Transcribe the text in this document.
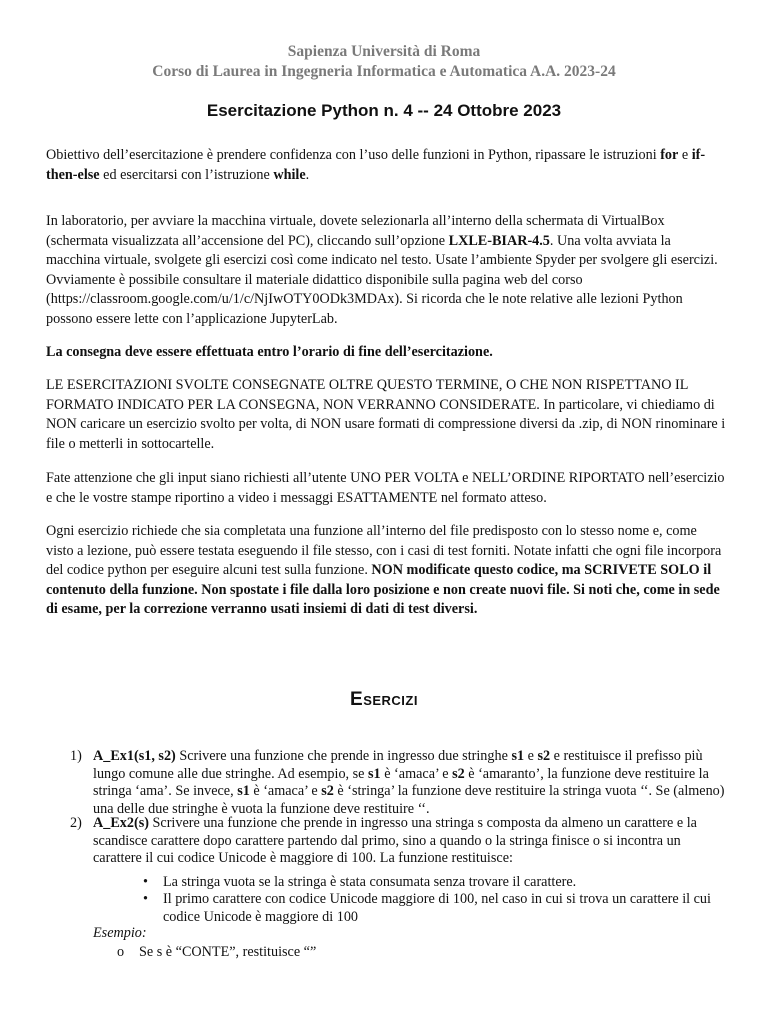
Sapienza Università di Roma
Corso di Laurea in Ingegneria Informatica e Automatica A.A. 2023-24
Esercitazione Python n. 4 -- 24 Ottobre 2023
Obiettivo dell’esercitazione è prendere confidenza con l’uso delle funzioni in Python, ripassare le istruzioni for e if-then-else ed esercitarsi con l’istruzione while.
In laboratorio, per avviare la macchina virtuale, dovete selezionarla all’interno della schermata di VirtualBox (schermata visualizzata all’accensione del PC), cliccando sull’opzione LXLE-BIAR-4.5. Una volta avviata la macchina virtuale, svolgete gli esercizi così come indicato nel testo. Usate l’ambiente Spyder per svolgere gli esercizi. Ovviamente è possibile consultare il materiale didattico disponibile sulla pagina web del corso (https://classroom.google.com/u/1/c/NjIwOTY0ODk3MDAx). Si ricorda che le note relative alle lezioni Python possono essere lette con l’applicazione JupyterLab.
La consegna deve essere effettuata entro l’orario di fine dell’esercitazione.
LE ESERCITAZIONI SVOLTE CONSEGNATE OLTRE QUESTO TERMINE, O CHE NON RISPETTANO IL FORMATO INDICATO PER LA CONSEGNA, NON VERRANNO CONSIDERATE. In particolare, vi chiediamo di NON caricare un esercizio svolto per volta, di NON usare formati di compressione diversi da .zip, di NON rinominare i file o metterli in sottocartelle.
Fate attenzione che gli input siano richiesti all’utente UNO PER VOLTA e NELL’ORDINE RIPORTATO nell’esercizio e che le vostre stampe riportino a video i messaggi ESATTAMENTE nel formato atteso.
Ogni esercizio richiede che sia completata una funzione all’interno del file predisposto con lo stesso nome e, come visto a lezione, può essere testata eseguendo il file stesso, con i casi di test forniti. Notate infatti che ogni file incorpora del codice python per eseguire alcuni test sulla funzione. NON modificate questo codice, ma SCRIVETE SOLO il contenuto della funzione. Non spostate i file dalla loro posizione e non create nuovi file. Si noti che, come in sede di esame, per la correzione verranno usati insiemi di dati di test diversi.
Esercizi
1) A_Ex1(s1, s2) Scrivere una funzione che prende in ingresso due stringhe s1 e s2 e restituisce il prefisso più lungo comune alle due stringhe. Ad esempio, se s1 è ‘amaca’ e s2 è ‘amaranto’, la funzione deve restituire la stringa ‘ama’. Se invece, s1 è ‘amaca’ e s2 è ‘stringa’ la funzione deve restituire la stringa vuota ‘‘. Se (almeno) una delle due stringhe è vuota la funzione deve restituire ‘‘.
2) A_Ex2(s) Scrivere una funzione che prende in ingresso una stringa s composta da almeno un carattere e la scandisce carattere dopo carattere partendo dal primo, sino a quando o la stringa finisce o si incontra un carattere il cui codice Unicode è maggiore di 100. La funzione restituisce:
• La stringa vuota se la stringa è stata consumata senza trovare il carattere.
• Il primo carattere con codice Unicode maggiore di 100, nel caso in cui si trova un carattere il cui codice Unicode è maggiore di 100
Esempio:
o Se s è “CONTE”, restituisce “”
